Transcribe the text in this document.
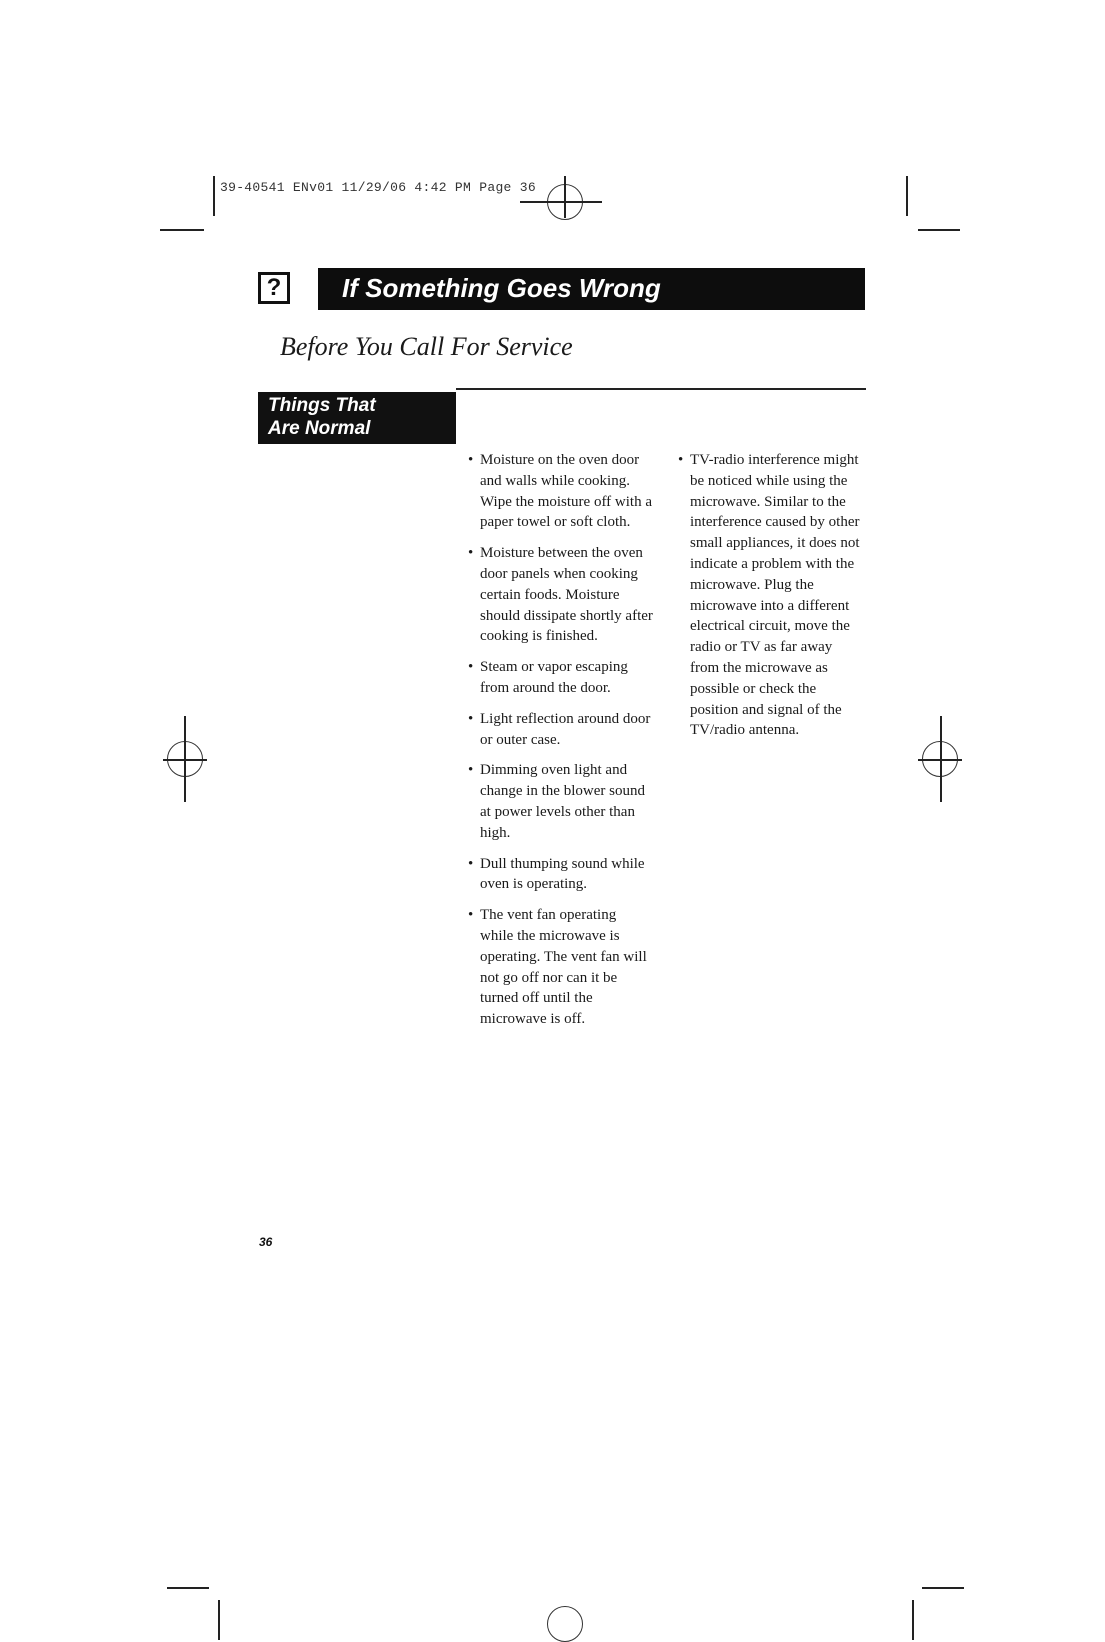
39-40541 ENv01 11/29/06 4:42 PM Page 36
?	If Something Goes Wrong
Before You Call For Service
Things That
Are Normal
• Moisture on the oven door and walls while cooking. Wipe the moisture off with a paper towel or soft cloth.
• Moisture between the oven door panels when cooking certain foods. Moisture should dissipate shortly after cooking is finished.
• Steam or vapor escaping from around the door.
• Light reflection around door or outer case.
• Dimming oven light and change in the blower sound at power levels other than high.
• Dull thumping sound while oven is operating.
• The vent fan operating while the microwave is operating. The vent fan will not go off nor can it be turned off until the microwave is off.
• TV-radio interference might be noticed while using the microwave. Similar to the interference caused by other small appliances, it does not indicate a problem with the microwave. Plug the microwave into a different electrical circuit, move the radio or TV as far away from the microwave as possible or check the position and signal of the TV/radio antenna.
36
